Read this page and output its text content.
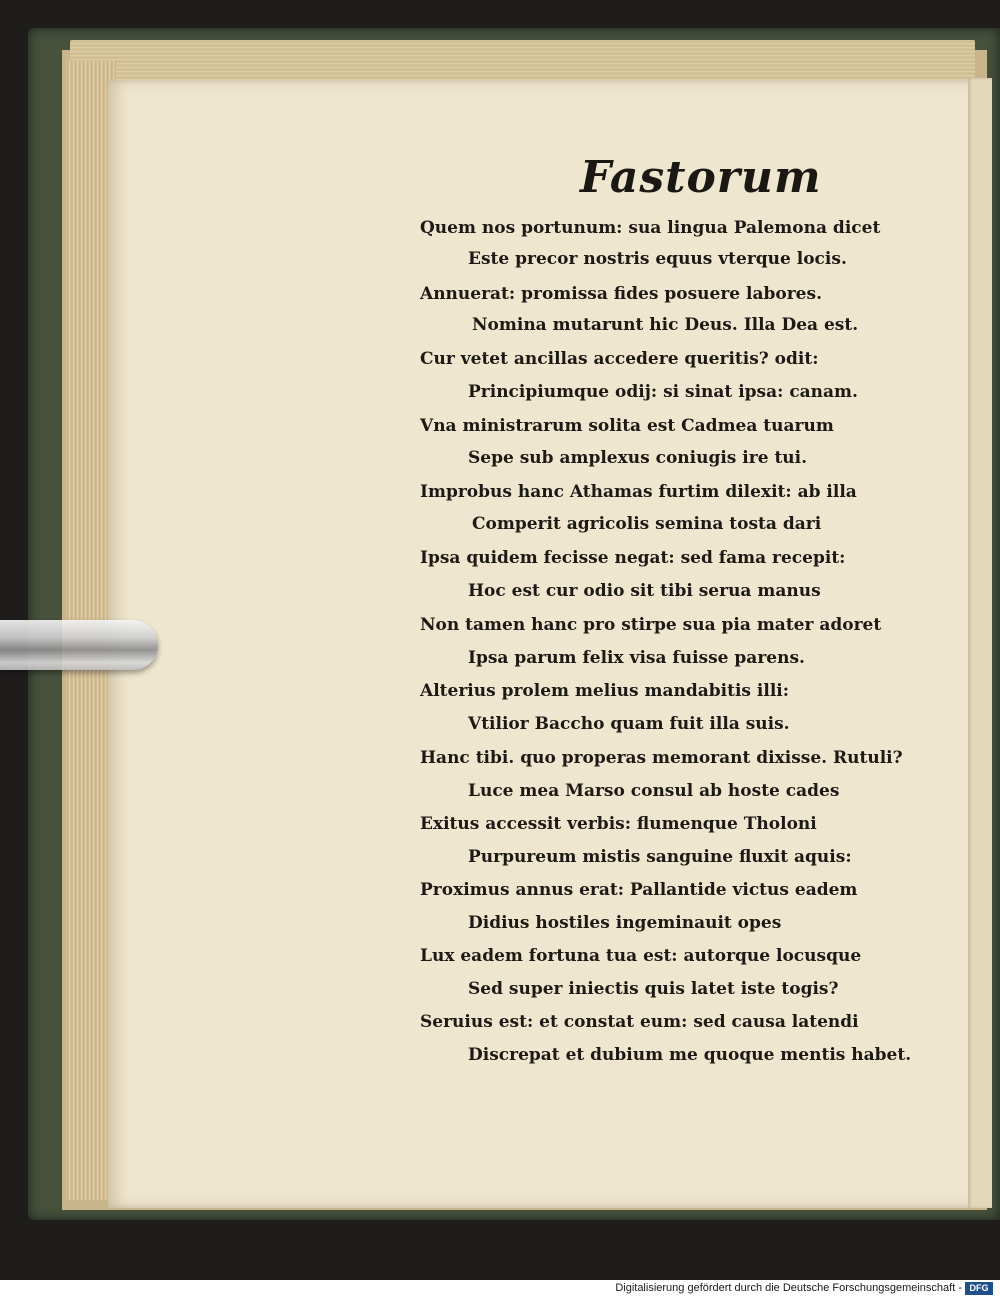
Fastorum

Quem nos portunum: sua lingua Palemona dicet

Este precor nostris equus vterque locis.

Annuerat: promissa fides posuere labores.

Nomina mutarunt hic Deus. Illa Dea est.

Cur vetet ancillas accedere queritis? odit:

Principiumque odij: si sinat ipsa: canam.

Vna ministrarum solita est Cadmea tuarum

Sepe sub amplexus coniugis ire tui.

Improbus hanc Athamas furtim dilexit: ab illa

Comperit agricolis semina tosta dari

Ipsa quidem fecisse negat: sed fama recepit:

Hoc est cur odio sit tibi serua manus

Non tamen hanc pro stirpe sua pia mater adoret

Ipsa parum felix visa fuisse parens.

Alterius prolem melius mandabitis illi:

Vtilior Baccho quam fuit illa suis.

Hanc tibi. quo properas memorant dixisse. Rutuli?

Luce mea Marso consul ab hoste cades

Exitus accessit verbis: flumenque Tholoni

Purpureum mistis sanguine fluxit aquis:

Proximus annus erat: Pallantide victus eadem

Didius hostiles ingeminauit opes

Lux eadem fortuna tua est: autorque locusque

Sed super iniectis quis latet iste togis?

Seruius est: et constat eum: sed causa latendi

Discrepat et dubium me quoque mentis habet.

Digitalisierung gefördert durch die Deutsche Forschungsgemeinschaft - DFG
